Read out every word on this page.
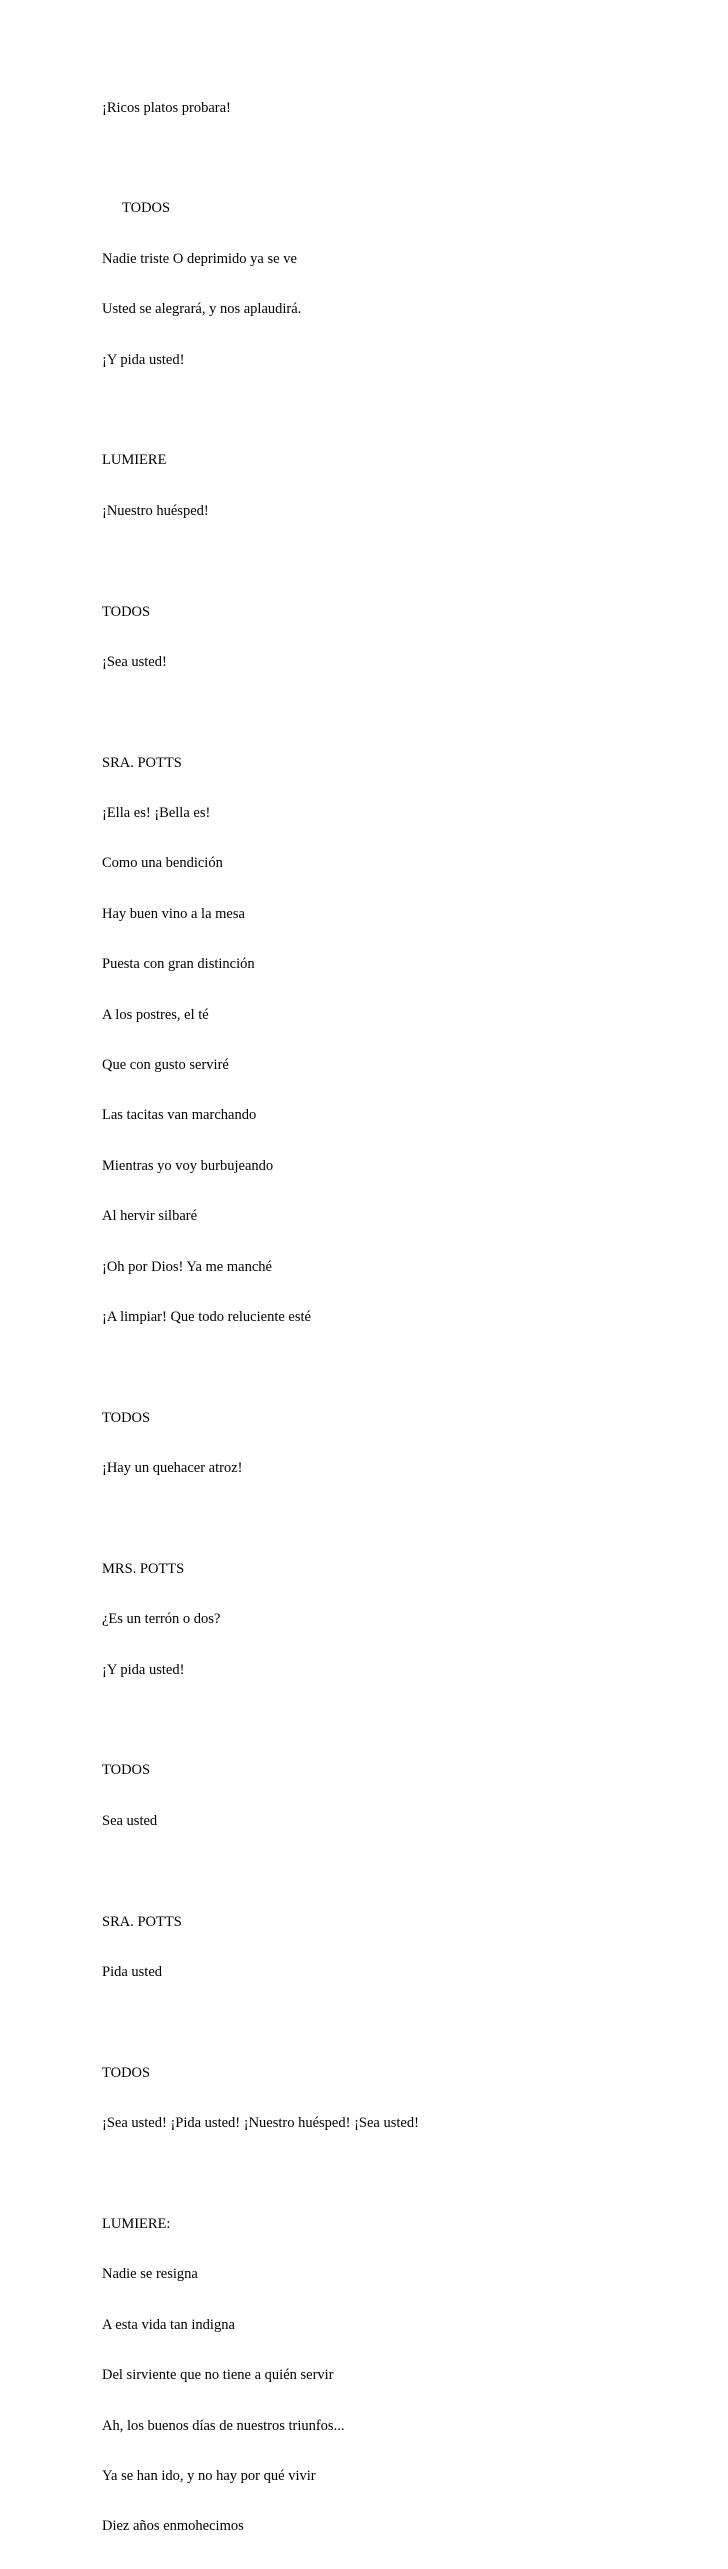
¡Ricos platos probara!

TODOS

Nadie triste O deprimido ya se ve

Usted se alegrará, y nos aplaudirá.

¡Y pida usted!

LUMIERE

¡Nuestro huésped!

TODOS

¡Sea usted!

SRA. POTTS

¡Ella es! ¡Bella es!

Como una bendición

Hay buen vino a la mesa

Puesta con gran distinción

A los postres, el té

Que con gusto serviré

Las tacitas van marchando

Mientras yo voy burbujeando

Al hervir silbaré

¡Oh por Dios! Ya me manché

¡A limpiar! Que todo reluciente esté

TODOS

¡Hay un quehacer atroz!

MRS. POTTS

¿Es un terrón o dos?

¡Y pida usted!

TODOS

Sea usted

SRA. POTTS

Pida usted

TODOS

¡Sea usted! ¡Pida usted! ¡Nuestro huésped! ¡Sea usted!

LUMIERE:

Nadie se resigna

A esta vida tan indigna

Del sirviente que no tiene a quién servir

Ah, los buenos días de nuestros triunfos...

Ya se han ido, y no hay por qué vivir

Diez años enmohecimos
